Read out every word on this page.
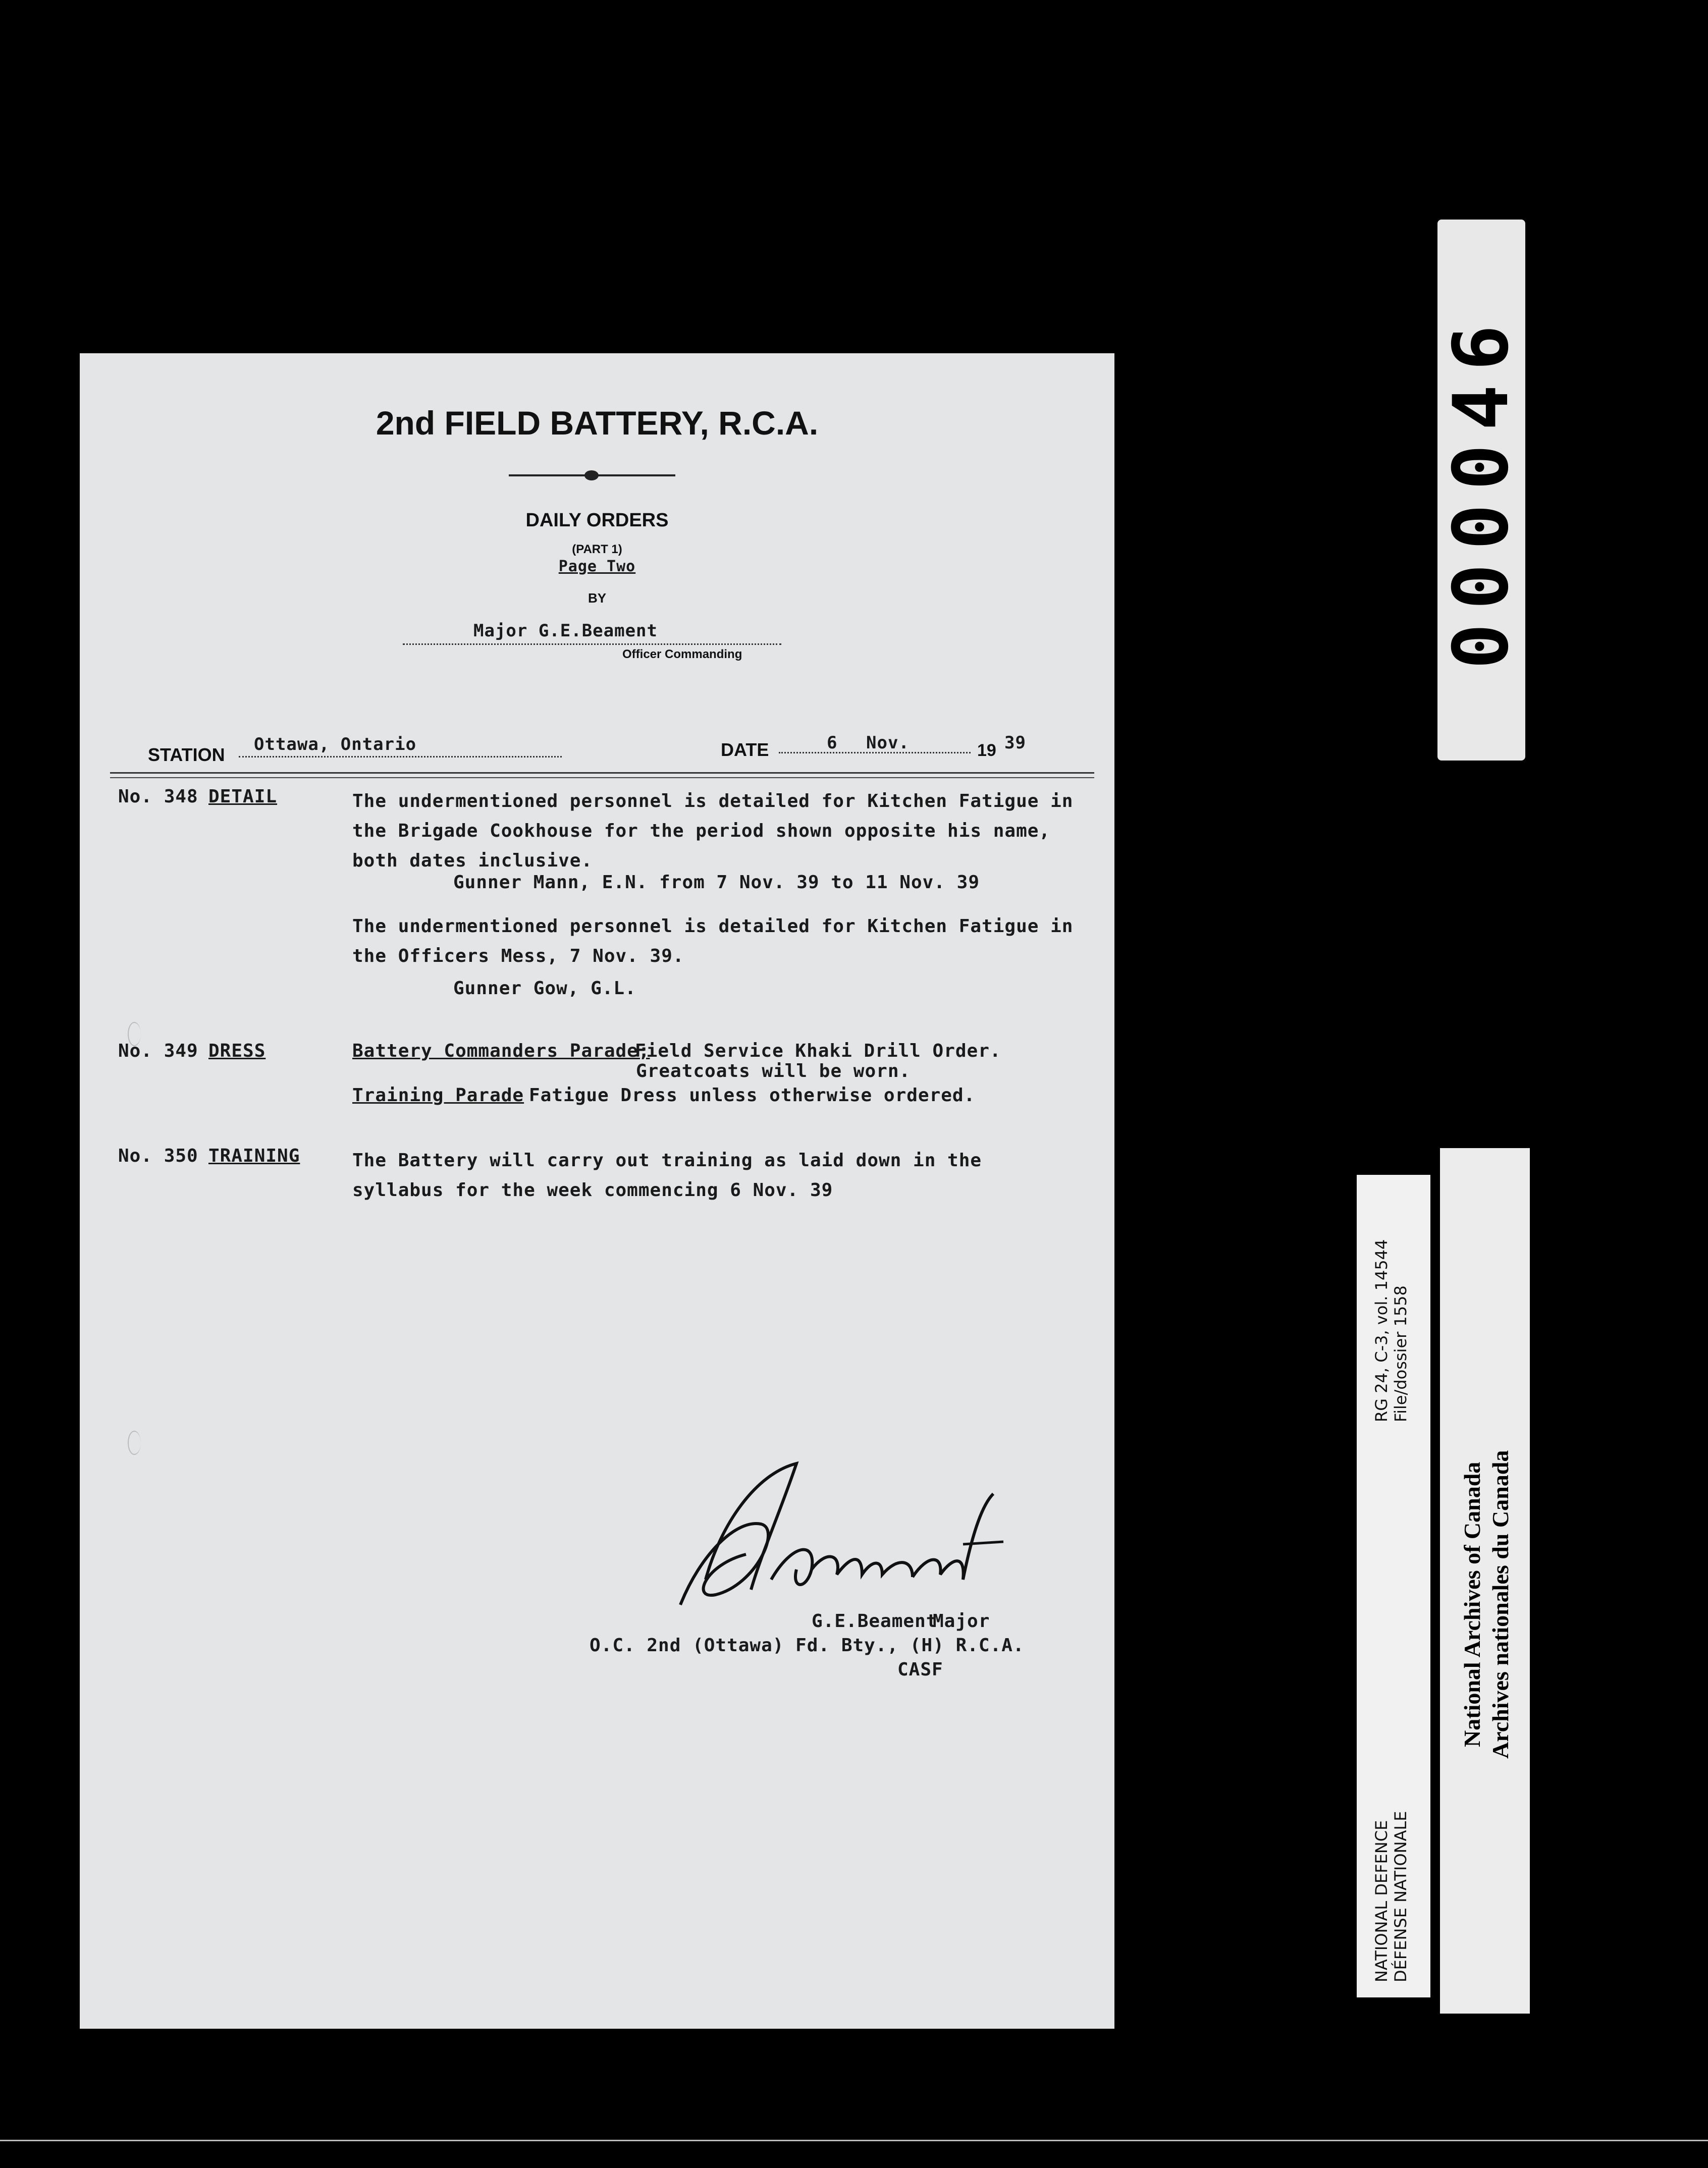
2nd FIELD BATTERY, R.C.A.
DAILY ORDERS
(PART 1)
Page Two
BY
Major G.E.Beament
Officer Commanding
STATION Ottawa, Ontario	DATE	6 Nov.	19 39
No. 348 DETAIL	The undermentioned personnel is detailed for Kitchen Fatigue in the Brigade Cookhouse for the period shown opposite his name, both dates inclusive.
Gunner Mann, E.N. from 7 Nov. 39 to 11 Nov. 39
The undermentioned personnel is detailed for Kitchen Fatigue in the Officers Mess, 7 Nov. 39.
Gunner Gow, G.L.
No. 349 DRESS	Battery Commanders Parade;
Field Service Khaki Drill Order.
Greatcoats will be worn.
Training Parade Fatigue Dress unless otherwise ordered.
No. 350 TRAINING	The Battery will carry out training as laid down in the syllabus for the week commencing 6 Nov. 39
G.E.Beament
Major
O.C. 2nd (Ottawa) Fd. Bty., (H) R.C.A.
CASF
000046
NATIONAL DEFENCE DÉFENSE NATIONALE
RG 24, C-3, vol. 14544 File/dossier 1558
National Archives of Canada Archives nationales du Canada
